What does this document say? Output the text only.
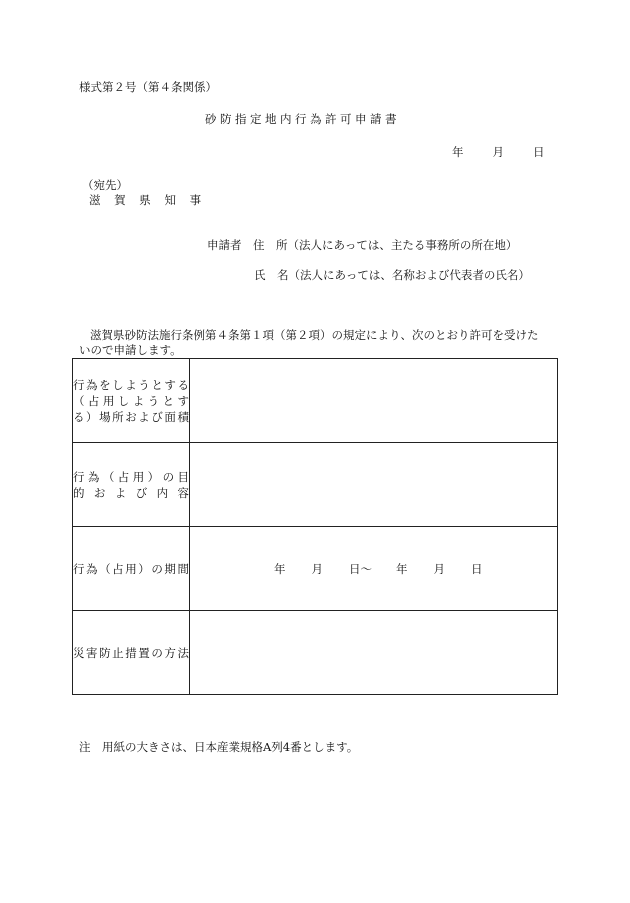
様式第２号（第４条関係）
砂防指定地内行為許可申請書
年	月	日
（宛先）
滋 賀 県 知 事
申請者　住　所（法人にあっては、主たる事務所の所在地）
氏　名（法人にあっては、名称および代表者の氏名）
滋賀県砂防法施行条例第４条第１項（第２項）の規定により、次のとおり許可を受けたいので申請します。
行為をしようとする
（占用しようとす
る）場所および面積	

行為（占用）の目
的 お よ び 内 容	

行為（占用）の期間	年 月 日～ 年 月 日

災害防止措置の方法	

注　用紙の大きさは、日本産業規格A列4番とします。
